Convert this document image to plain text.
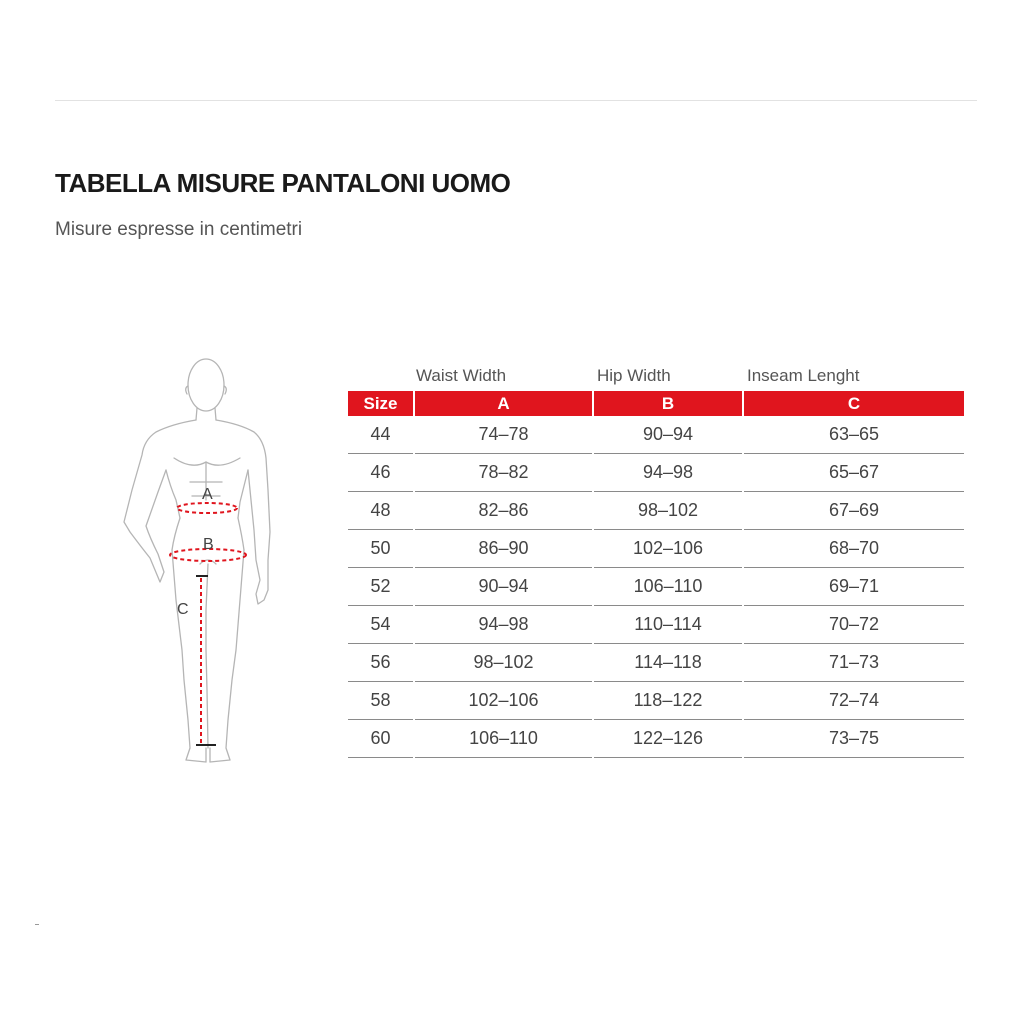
TABELLA MISURE PANTALONI UOMO
Misure espresse in centimetri
A
B
C
Waist Width	Hip Width	Inseam Lenght
Size	A	B	C
44	74–78	90–94	63–65
46	78–82	94–98	65–67
48	82–86	98–102	67–69
50	86–90	102–106	68–70
52	90–94	106–110	69–71
54	94–98	110–114	70–72
56	98–102	114–118	71–73
58	102–106	118–122	72–74
60	106–110	122–126	73–75
